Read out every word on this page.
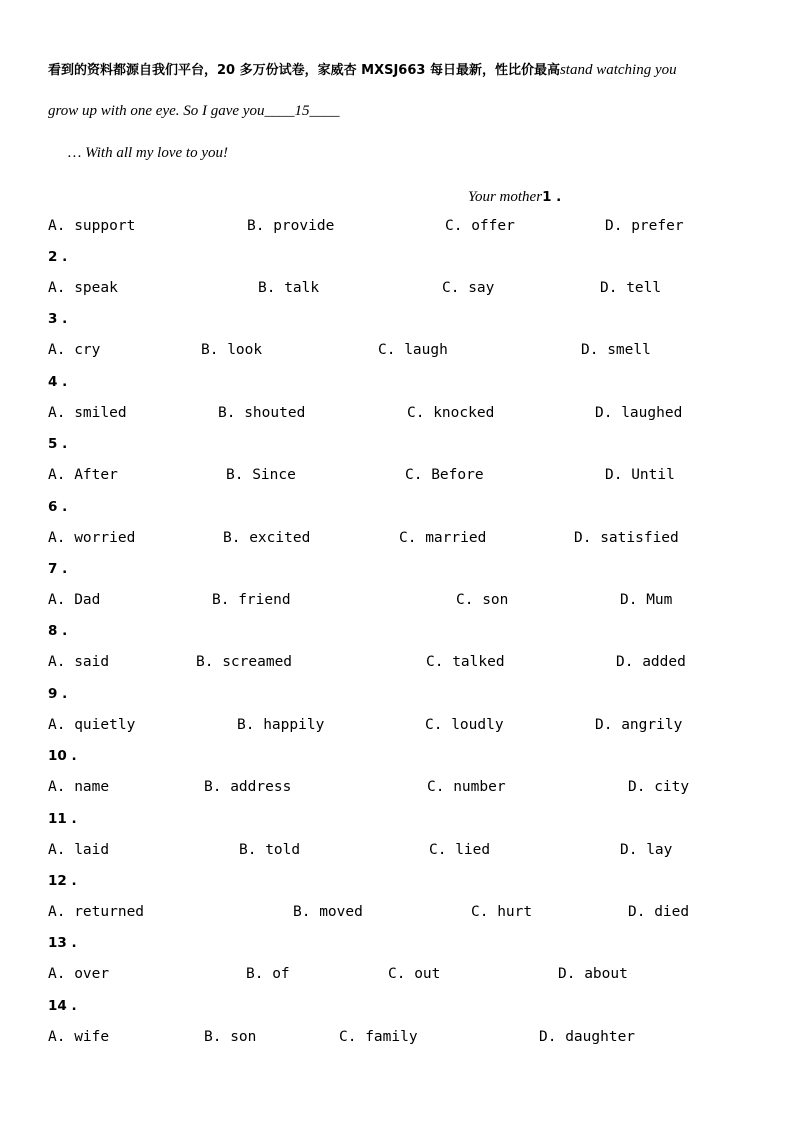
看到的资料都源自我们平台，20 多万份试卷，家威杏 MXSJ663 每日最新，性比价最高stand watching you
grow up with one eye. So I gave you____15____
… With all my love to you!
Your mother1 .
A. support	B. provide	C. offer	D. prefer
2 .
A. speak	B. talk	C. say	D. tell
3 .
A. cry	B. look	C. laugh	D. smell
4 .
A. smiled	B. shouted	C. knocked	D. laughed
5 .
A. After	B. Since	C. Before	D. Until
6 .
A. worried	B. excited	C. married	D. satisfied
7 .
A. Dad	B. friend	C. son	D. Mum
8 .
A. said	B. screamed	C. talked	D. added
9 .
A. quietly	B. happily	C. loudly	D. angrily
10 .
A. name	B. address	C. number	D. city
11 .
A. laid	B. told	C. lied	D. lay
12 .
A. returned	B. moved	C. hurt	D. died
13 .
A. over	B. of	C. out	D. about
14 .
A. wife	B. son	C. family	D. daughter
